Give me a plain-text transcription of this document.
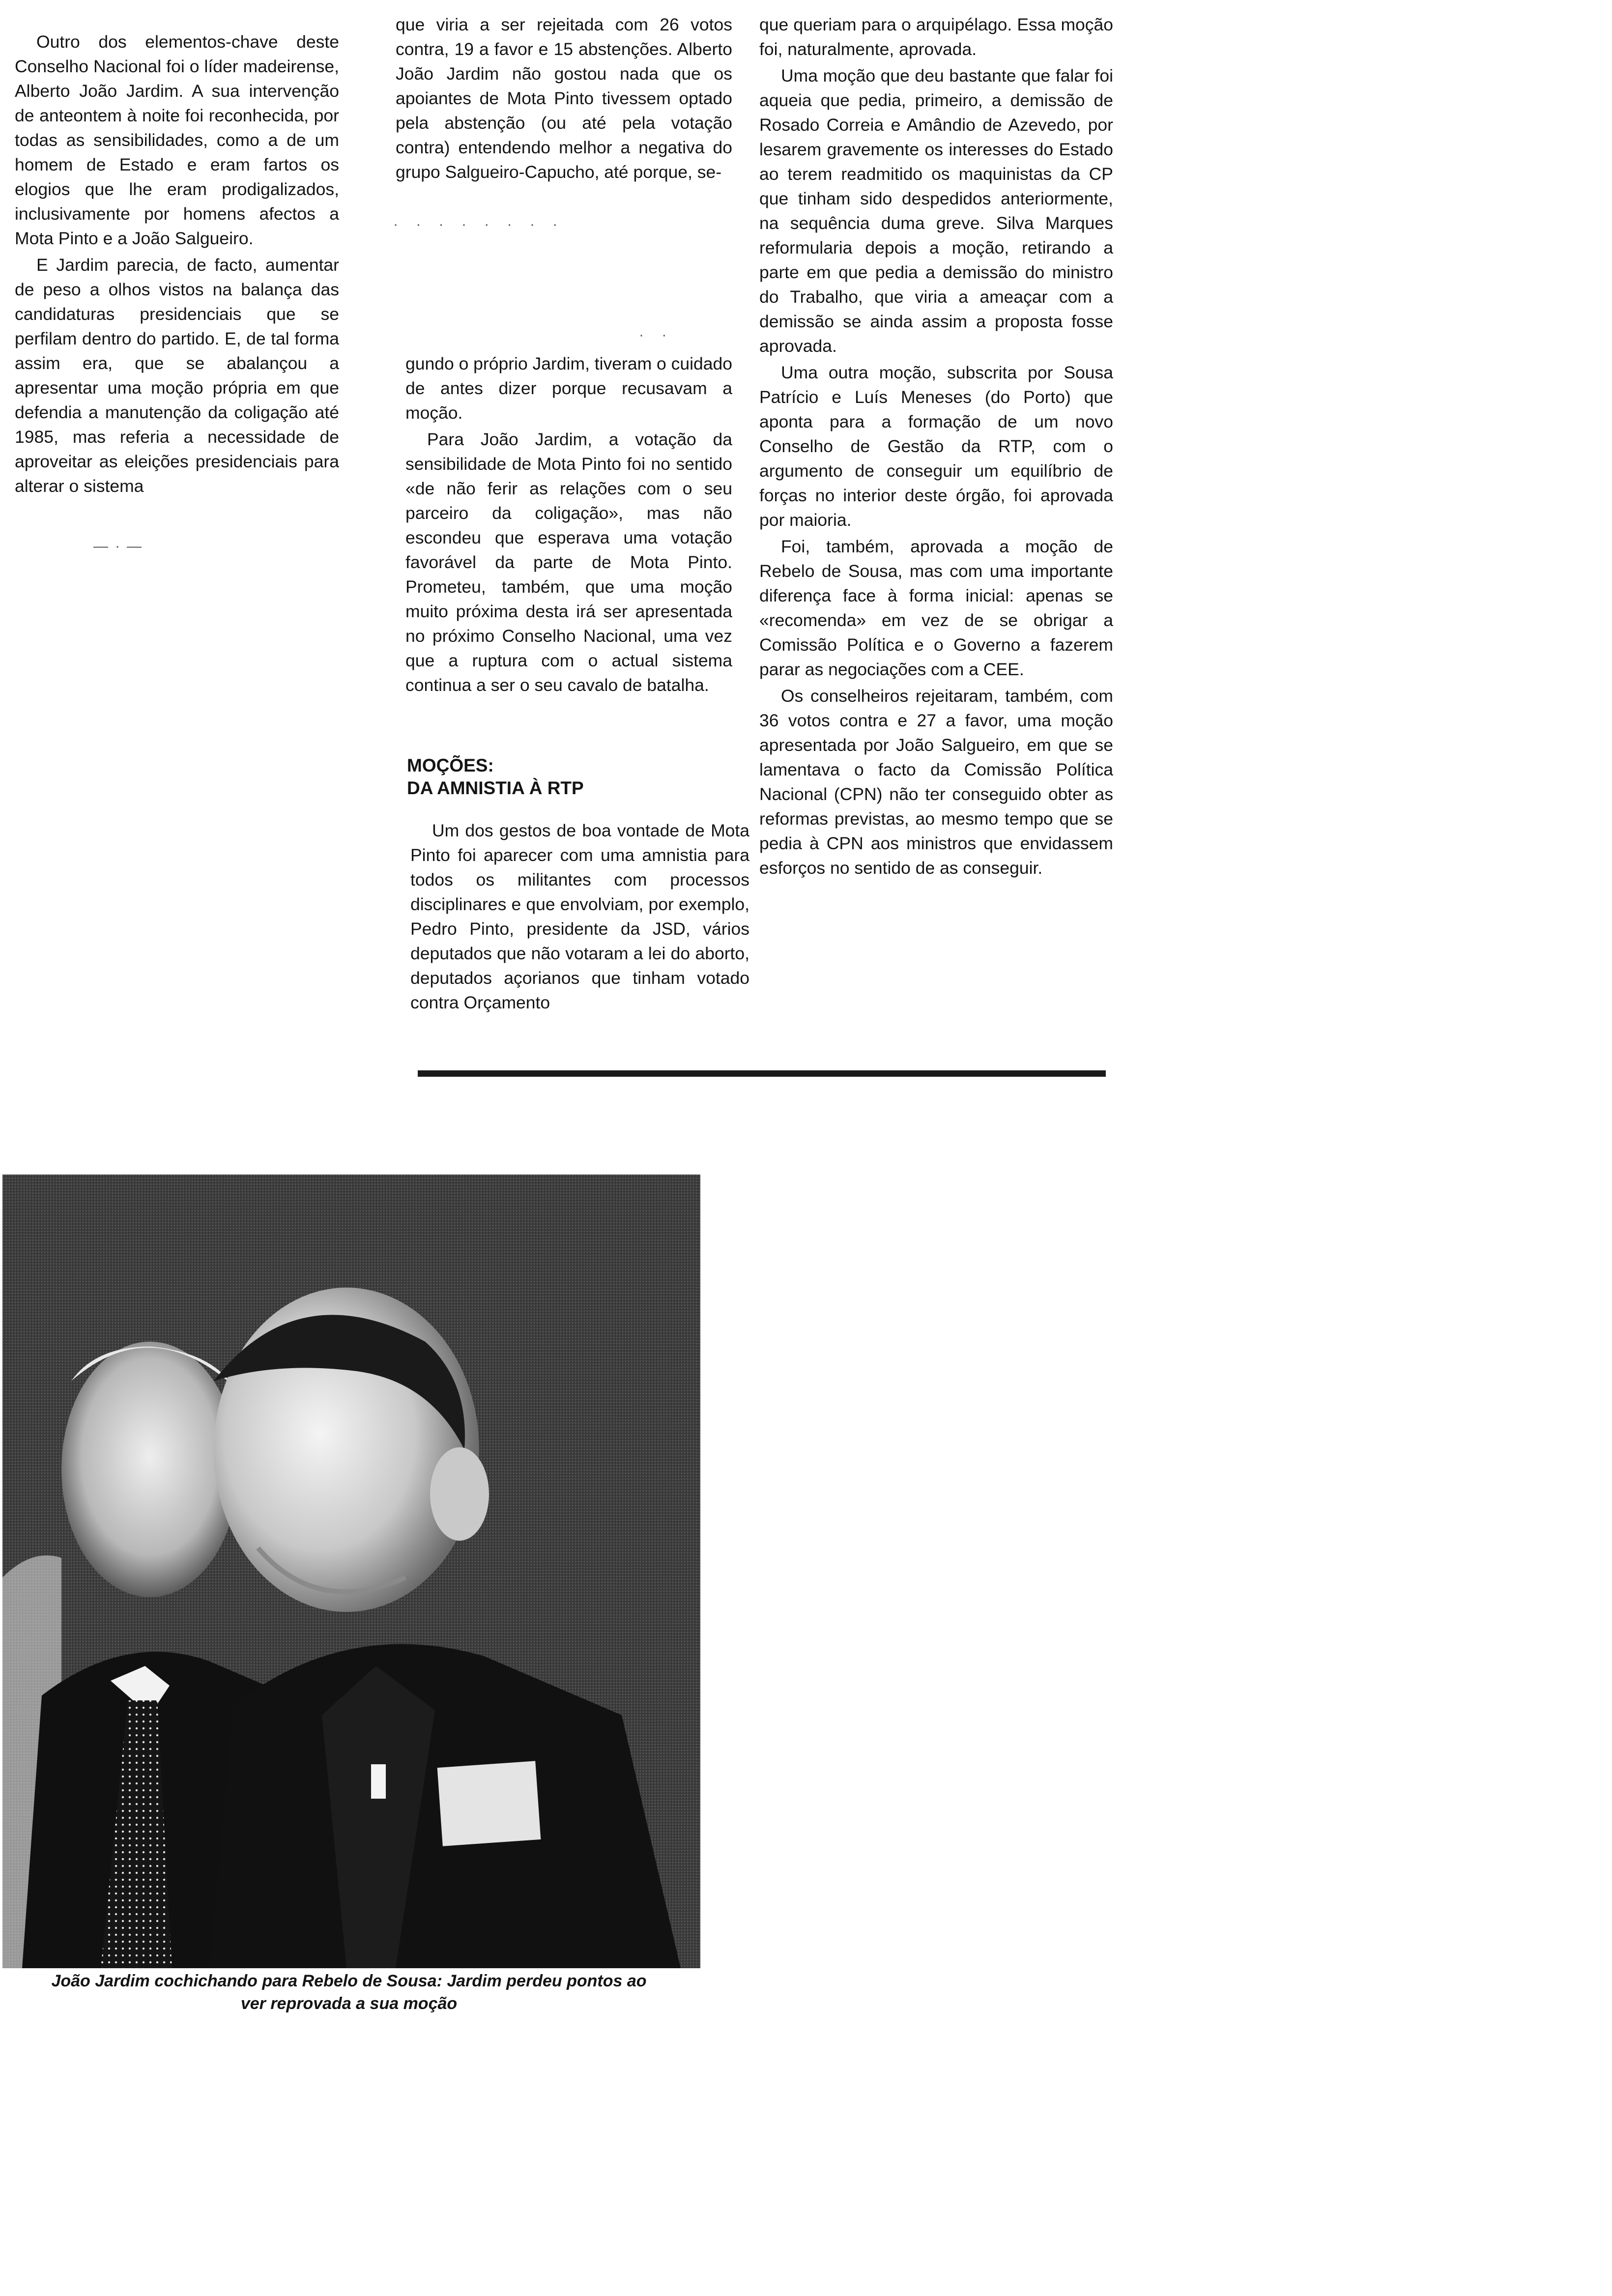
Outro dos elementos-chave deste Conselho Nacional foi o líder madeirense, Alberto João Jardim. A sua intervenção de anteontem à noite foi reconhecida, por todas as sensibilidades, como a de um homem de Estado e eram fartos os elogios que lhe eram prodigalizados, inclusivamente por homens afectos a Mota Pinto e a João Salgueiro.

E Jardim parecia, de facto, aumentar de peso a olhos vistos na balança das candidaturas presidenciais que se perfilam dentro do partido. E, de tal forma assim era, que se abalançou a apresentar uma moção própria em que defendia a manutenção da coligação até 1985, mas referia a necessidade de aproveitar as eleições presidenciais para alterar o sistema

que viria a ser rejeitada com 26 votos contra, 19 a favor e 15 abstenções. Alberto João Jardim não gostou nada que os apoiantes de Mota Pinto tivessem optado pela abstenção (ou até pela votação contra) entendendo melhor a negativa do grupo Salgueiro-Capucho, até porque, se-

· · · · · · · ·
· ·

gundo o próprio Jardim, tiveram o cuidado de antes dizer porque recusavam a moção.

Para João Jardim, a votação da sensibilidade de Mota Pinto foi no sentido «de não ferir as relações com o seu parceiro da coligação», mas não escondeu que esperava uma votação favorável da parte de Mota Pinto. Prometeu, também, que uma moção muito próxima desta irá ser apresentada no próximo Conselho Nacional, uma vez que a ruptura com o actual sistema continua a ser o seu cavalo de batalha.

MOÇÕES:
DA AMNISTIA À RTP

Um dos gestos de boa vontade de Mota Pinto foi aparecer com uma amnistia para todos os militantes com processos disciplinares e que envolviam, por exemplo, Pedro Pinto, presidente da JSD, vários deputados que não votaram a lei do aborto, deputados açorianos que tinham votado contra Orçamento

que queriam para o arquipélago. Essa moção foi, naturalmente, aprovada.

Uma moção que deu bastante que falar foi aqueia que pedia, primeiro, a demissão de Rosado Correia e Amândio de Azevedo, por lesarem gravemente os interesses do Estado ao terem readmitido os maquinistas da CP que tinham sido despedidos anteriormente, na sequência duma greve. Silva Marques reformularia depois a moção, retirando a parte em que pedia a demissão do ministro do Trabalho, que viria a ameaçar com a demissão se ainda assim a proposta fosse aprovada.

Uma outra moção, subscrita por Sousa Patrício e Luís Meneses (do Porto) que aponta para a formação de um novo Conselho de Gestão da RTP, com o argumento de conseguir um equilíbrio de forças no interior deste órgão, foi aprovada por maioria.

Foi, também, aprovada a moção de Rebelo de Sousa, mas com uma importante diferença face à forma inicial: apenas se «recomenda» em vez de se obrigar a Comissão Política e o Governo a fazerem parar as negociações com a CEE.

Os conselheiros rejeitaram, também, com 36 votos contra e 27 a favor, uma moção apresentada por João Salgueiro, em que se lamentava o facto da Comissão Política Nacional (CPN) não ter conseguido obter as reformas previstas, ao mesmo tempo que se pedia à CPN aos ministros que envidassem esforços no sentido de as conseguir.

—·—
João Jardim cochichando para Rebelo de Sousa: Jardim perdeu pontos ao
ver reprovada a sua moção
